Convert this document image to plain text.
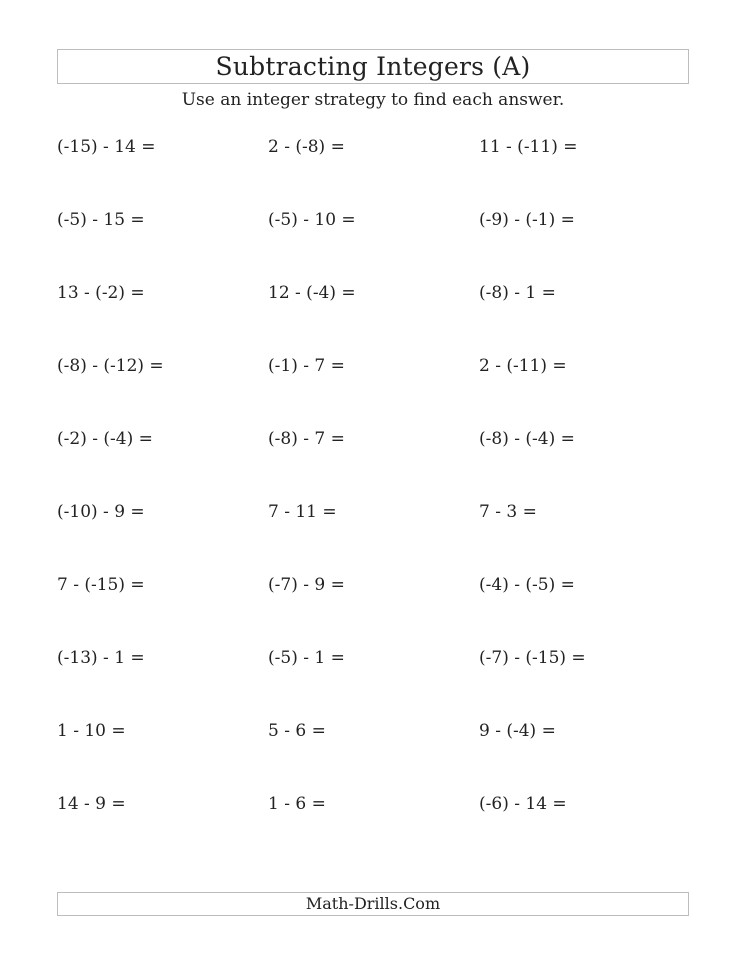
Subtracting Integers (A)
Use an integer strategy to find each answer.
(-15) - 14 =	2 - (-8) =	11 - (-11) =
(-5) - 15 =	(-5) - 10 =	(-9) - (-1) =
13 - (-2) =	12 - (-4) =	(-8) - 1 =
(-8) - (-12) =	(-1) - 7 =	2 - (-11) =
(-2) - (-4) =	(-8) - 7 =	(-8) - (-4) =
(-10) - 9 =	7 - 11 =	7 - 3 =
7 - (-15) =	(-7) - 9 =	(-4) - (-5) =
(-13) - 1 =	(-5) - 1 =	(-7) - (-15) =
1 - 10 =	5 - 6 =	9 - (-4) =
14 - 9 =	1 - 6 =	(-6) - 14 =
Math-Drills.Com
